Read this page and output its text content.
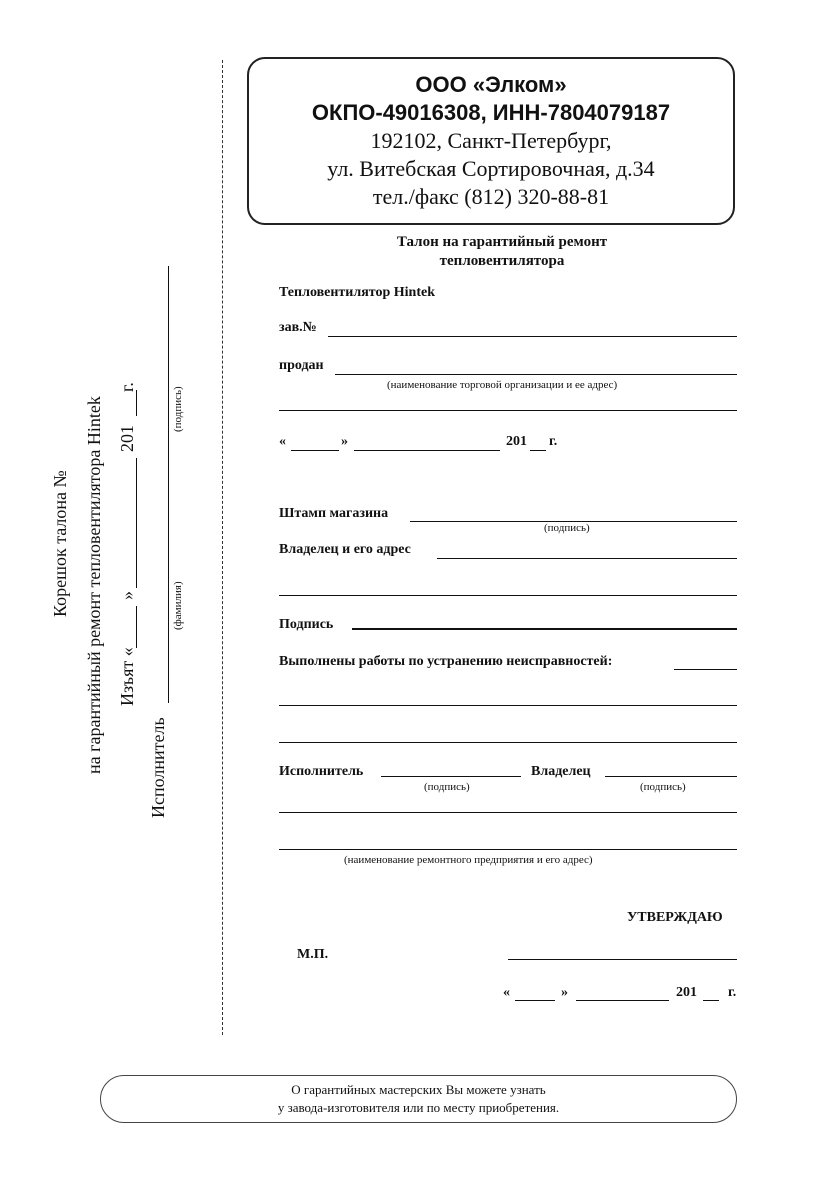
ООО «Элком»
ОКПО-49016308, ИНН-7804079187
192102, Санкт-Петербург,
ул. Витебская Сортировочная, д.34
тел./факс (812) 320-88-81
Талон на гарантийный ремонт
тепловентилятора
Тепловентилятор Hintek
зав.№
продан
(наименование торговой организации и ее адрес)
«	»	201 г.
Штамп магазина
(подпись)
Владелец и его адрес
Подпись
Выполнены работы по устранению неисправностей:
Исполнитель	Владелец
(подпись)	(подпись)
(наименование ремонтного предприятия и его адрес)
УТВЕРЖДАЮ
М.П.
«	»	201 г.
Корешок талона № на гарантийный ремонт тепловентилятора Hintek Изъят «
»
201
г.
Исполнитель
(фамилия)
(подпись)
О гарантийных мастерских Вы можете узнать
у завода-изготовителя или по месту приобретения.
